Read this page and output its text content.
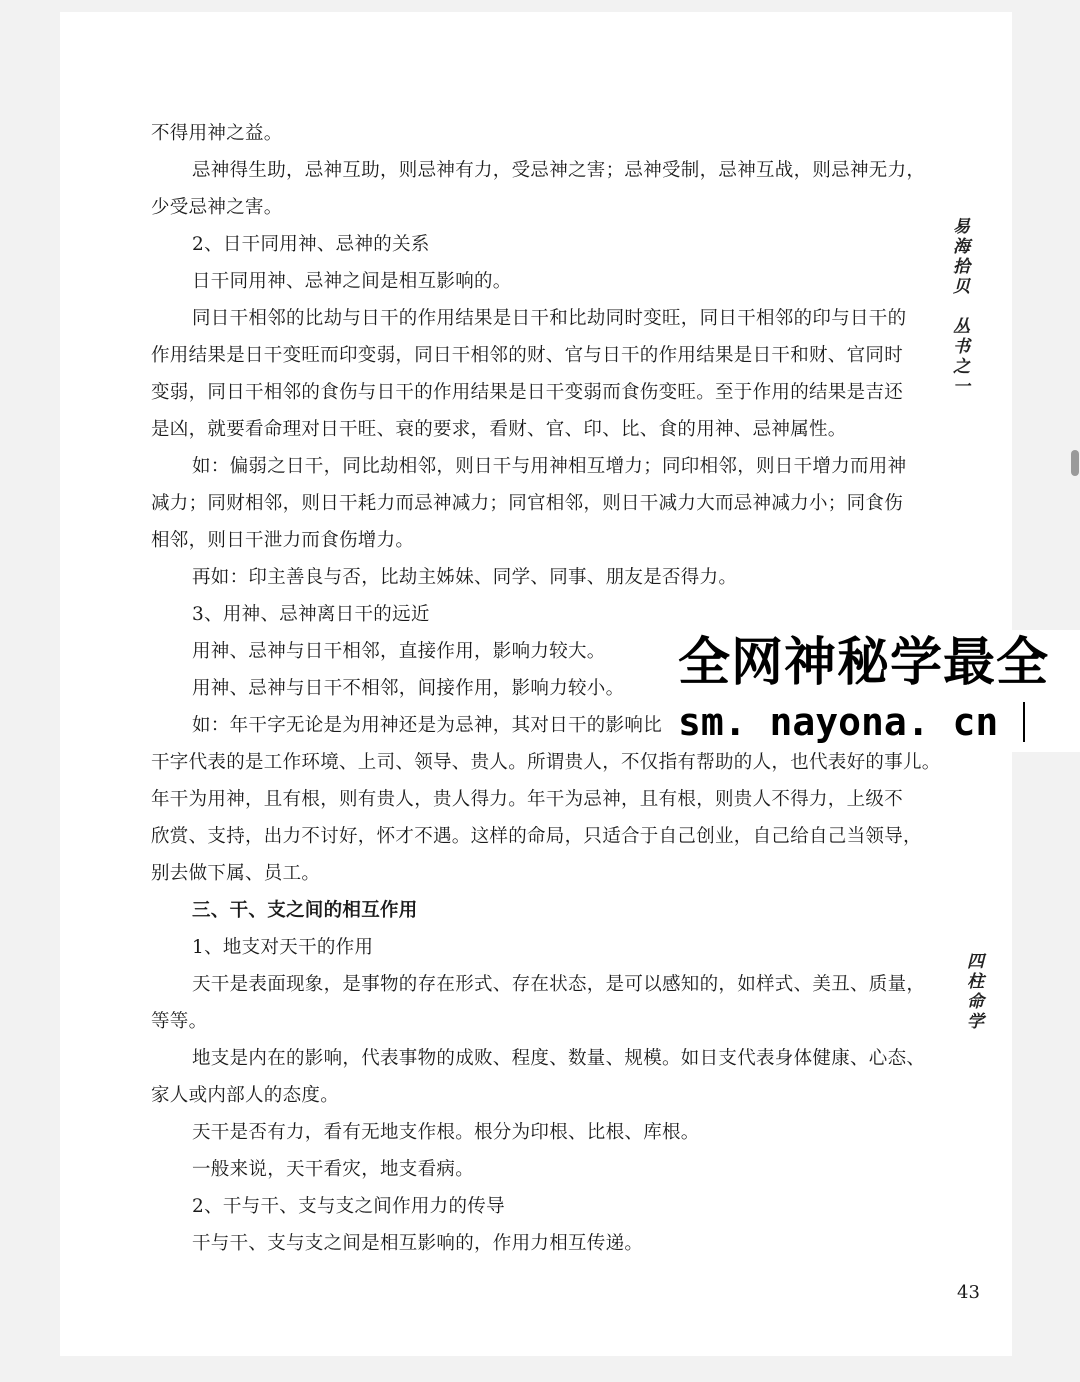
不得用神之益。
忌神得生助，忌神互助，则忌神有力，受忌神之害；忌神受制，忌神互战，则忌神无力，
少受忌神之害。
2、日干同用神、忌神的关系
日干同用神、忌神之间是相互影响的。
同日干相邻的比劫与日干的作用结果是日干和比劫同时变旺，同日干相邻的印与日干的
作用结果是日干变旺而印变弱，同日干相邻的财、官与日干的作用结果是日干和财、官同时
变弱，同日干相邻的食伤与日干的作用结果是日干变弱而食伤变旺。至于作用的结果是吉还
是凶，就要看命理对日干旺、衰的要求，看财、官、印、比、食的用神、忌神属性。
如：偏弱之日干，同比劫相邻，则日干与用神相互增力；同印相邻，则日干增力而用神
减力；同财相邻，则日干耗力而忌神减力；同官相邻，则日干减力大而忌神减力小；同食伤
相邻，则日干泄力而食伤增力。
再如：印主善良与否，比劫主姊妹、同学、同事、朋友是否得力。
3、用神、忌神离日干的远近
用神、忌神与日干相邻，直接作用，影响力较大。
用神、忌神与日干不相邻，间接作用，影响力较小。
如：年干字无论是为用神还是为忌神，其对日干的影响比
干字代表的是工作环境、上司、领导、贵人。所谓贵人，不仅指有帮助的人，也代表好的事儿。
年干为用神，且有根，则有贵人，贵人得力。年干为忌神，且有根，则贵人不得力，上级不
欣赏、支持，出力不讨好，怀才不遇。这样的命局，只适合于自己创业，自己给自己当领导，
别去做下属、员工。
三、干、支之间的相互作用
1、地支对天干的作用
天干是表面现象，是事物的存在形式、存在状态，是可以感知的，如样式、美丑、质量，
等等。
地支是内在的影响，代表事物的成败、程度、数量、规模。如日支代表身体健康、心态、
家人或内部人的态度。
天干是否有力，看有无地支作根。根分为印根、比根、库根。
一般来说，天干看灾，地支看病。
2、干与干、支与支之间作用力的传导
干与干、支与支之间是相互影响的，作用力相互传递。
易海拾贝
丛书之一
四柱命学
43
全网神秘学最全
sm. nayona. cn
